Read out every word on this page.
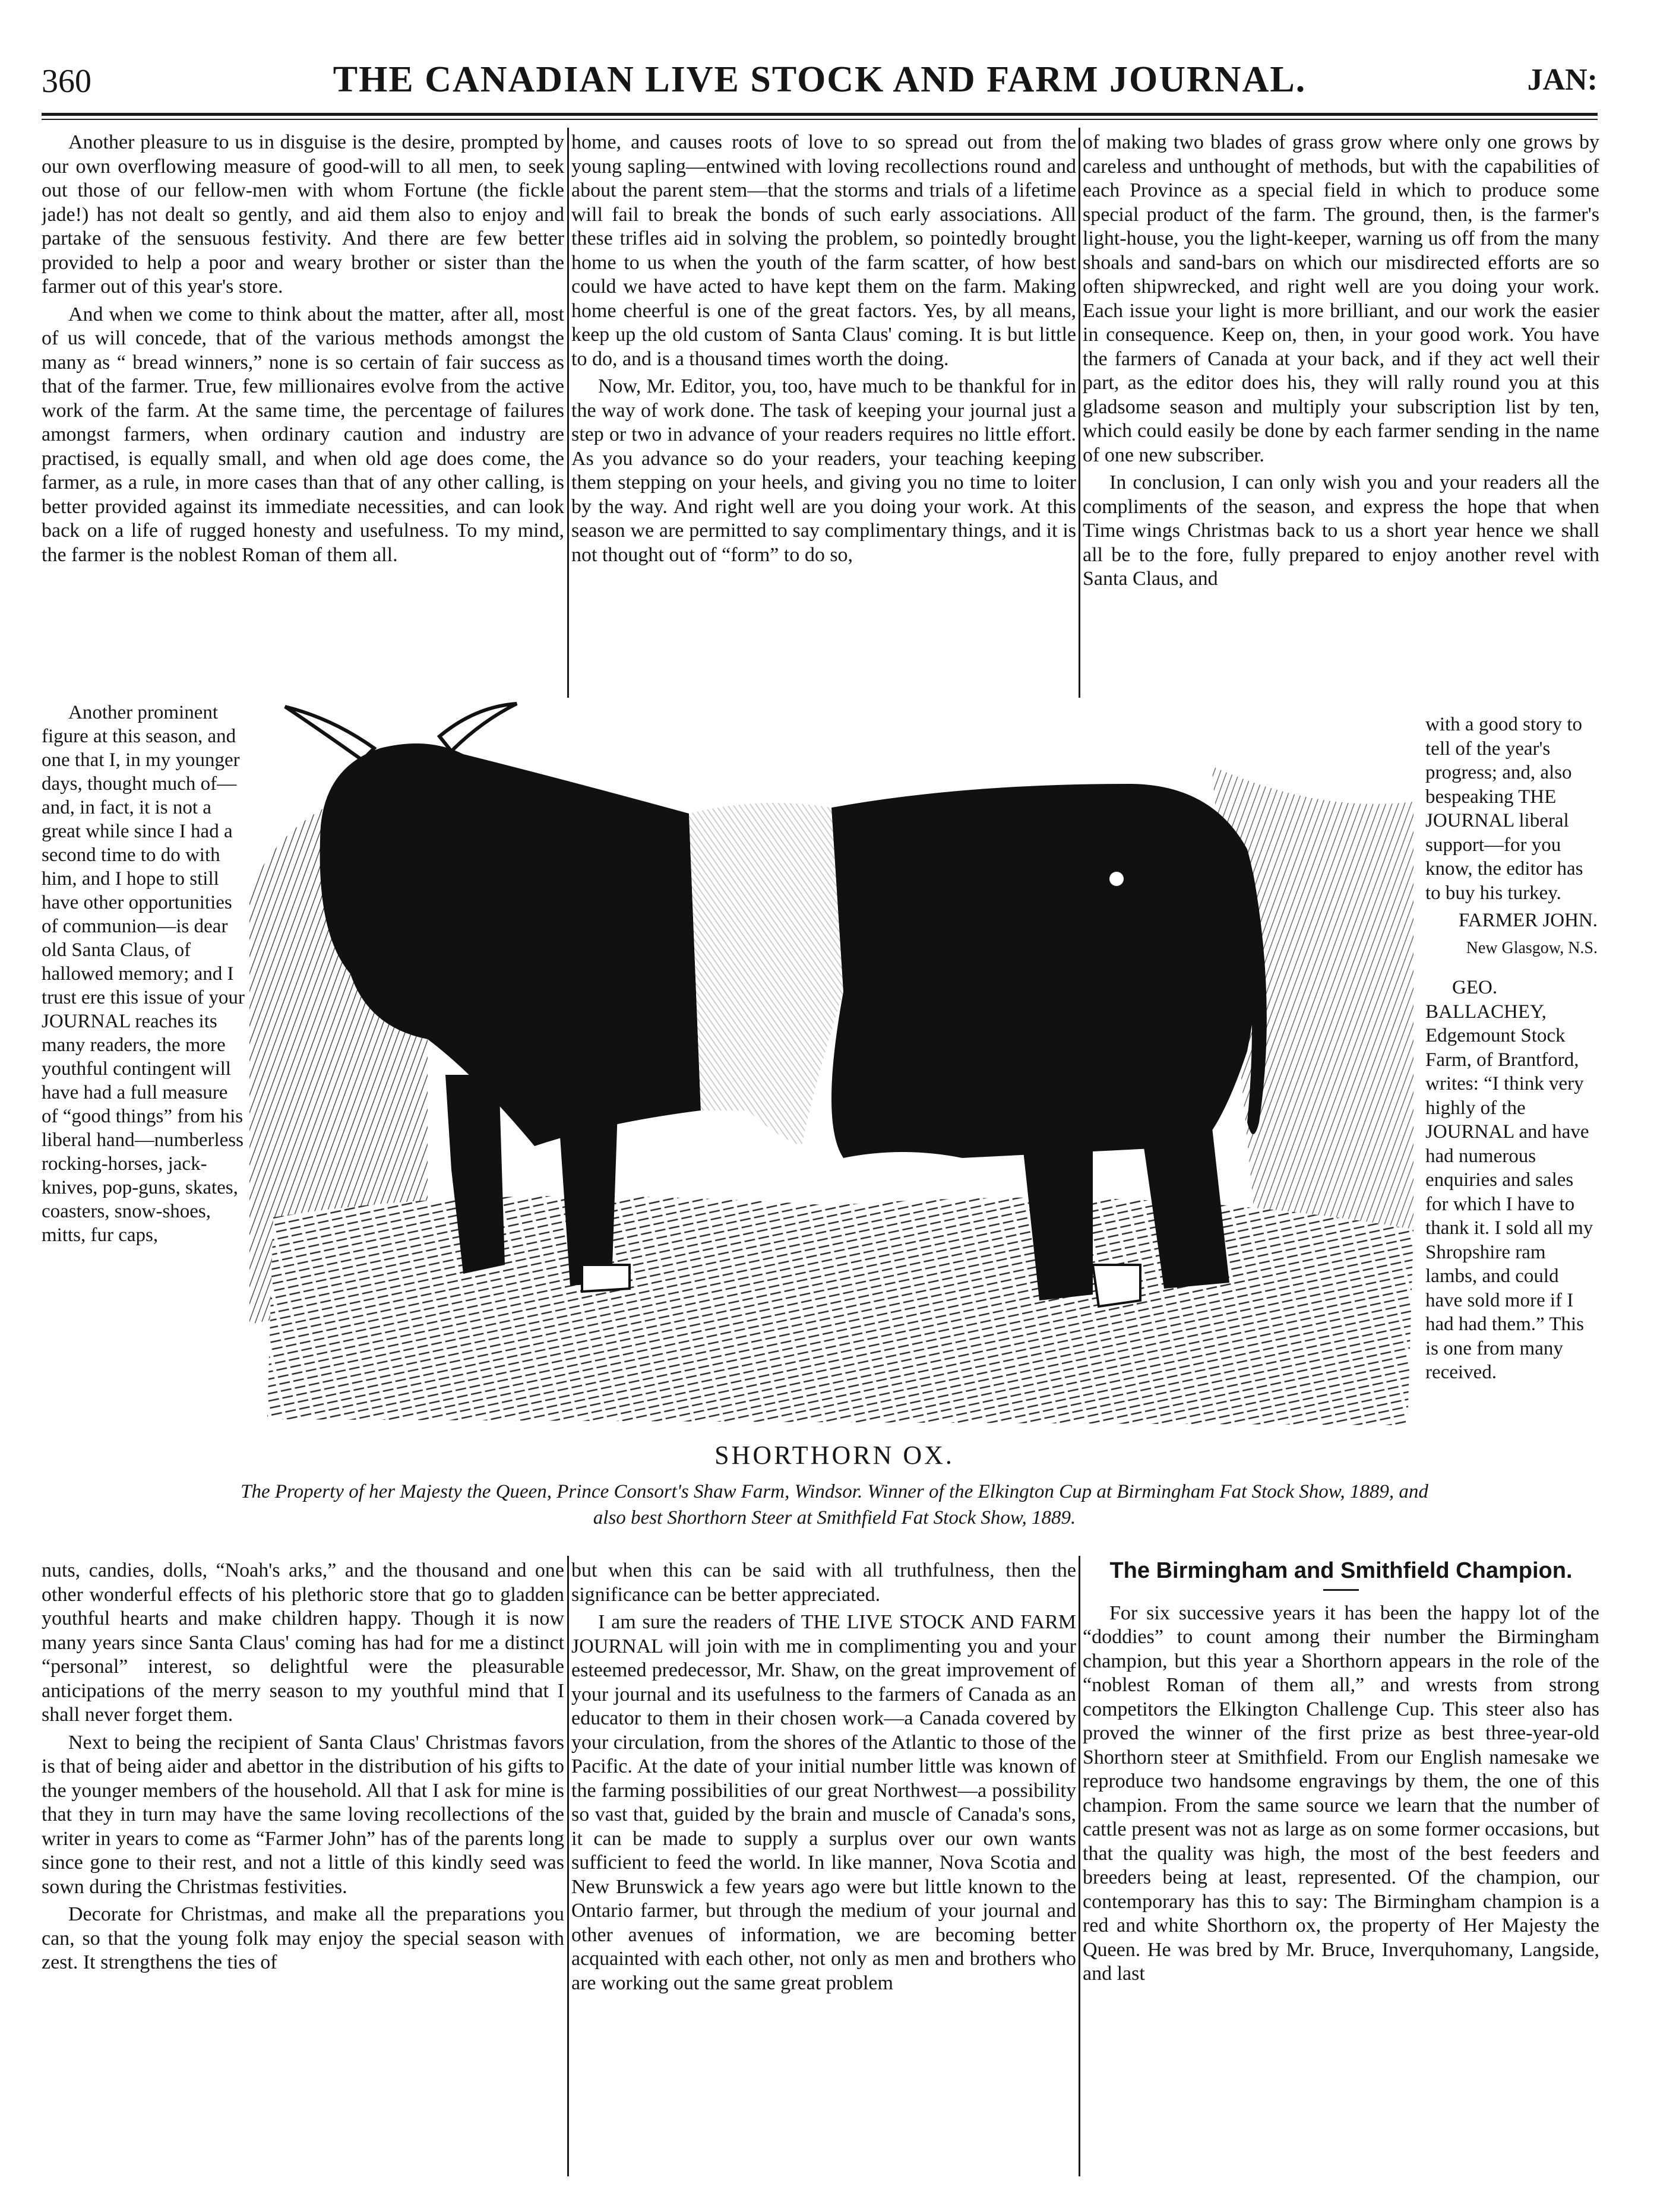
360	THE CANADIAN LIVE STOCK AND FARM JOURNAL.	JAN:

Another pleasure to us in disguise is the desire, prompted by our own overflowing measure of good-will to all men, to seek out those of our fellow-men with whom Fortune (the fickle jade!) has not dealt so gently, and aid them also to enjoy and partake of the sensuous festivity. And there are few better provided to help a poor and weary brother or sister than the farmer out of this year's store.

And when we come to think about the matter, after all, most of us will concede, that of the various methods amongst the many as “ bread winners,” none is so certain of fair success as that of the farmer. True, few millionaires evolve from the active work of the farm. At the same time, the percentage of failures amongst farmers, when ordinary caution and industry are practised, is equally small, and when old age does come, the farmer, as a rule, in more cases than that of any other calling, is better provided against its immediate necessities, and can look back on a life of rugged honesty and usefulness. To my mind, the farmer is the noblest Roman of them all.

home, and causes roots of love to so spread out from the young sapling—entwined with loving recollections round and about the parent stem—that the storms and trials of a lifetime will fail to break the bonds of such early associations. All these trifles aid in solving the problem, so pointedly brought home to us when the youth of the farm scatter, of how best could we have acted to have kept them on the farm. Making home cheerful is one of the great factors. Yes, by all means, keep up the old custom of Santa Claus' coming. It is but little to do, and is a thousand times worth the doing.

Now, Mr. Editor, you, too, have much to be thankful for in the way of work done. The task of keeping your journal just a step or two in advance of your readers requires no little effort. As you advance so do your readers, your teaching keeping them stepping on your heels, and giving you no time to loiter by the way. And right well are you doing your work. At this season we are permitted to say complimentary things, and it is not thought out of “form” to do so,

of making two blades of grass grow where only one grows by careless and unthought of methods, but with the capabilities of each Province as a special field in which to produce some special product of the farm. The ground, then, is the farmer's light-house, you the light-keeper, warning us off from the many shoals and sand-bars on which our misdirected efforts are so often shipwrecked, and right well are you doing your work. Each issue your light is more brilliant, and our work the easier in consequence. Keep on, then, in your good work. You have the farmers of Canada at your back, and if they act well their part, as the editor does his, they will rally round you at this gladsome season and multiply your subscription list by ten, which could easily be done by each farmer sending in the name of one new subscriber.

In conclusion, I can only wish you and your readers all the compliments of the season, and express the hope that when Time wings Christmas back to us a short year hence we shall all be to the fore, fully prepared to enjoy another revel with Santa Claus, and

Another prominent figure at this season, and one that I, in my younger days, thought much of—and, in fact, it is not a great while since I had a second time to do with him, and I hope to still have other opportunities of communion—is dear old Santa Claus, of hallowed memory; and I trust ere this issue of your JOURNAL reaches its many readers, the more youthful contingent will have had a full measure of “good things” from his liberal hand—numberless rocking-horses, jack-knives, pop-guns, skates, coasters, snow-shoes, mitts, fur caps,

with a good story to tell of the year's progress; and, also bespeaking THE JOURNAL liberal support—for you know, the editor has to buy his turkey.

FARMER JOHN.

New Glasgow, N.S.

GEO. BALLACHEY, Edgemount Stock Farm, of Brantford, writes: “I think very highly of the JOURNAL and have had numerous enquiries and sales for which I have to thank it. I sold all my Shropshire ram lambs, and could have sold more if I had had them.” This is one from many received.

SHORTHORN OX.
The Property of her Majesty the Queen, Prince Consort's Shaw Farm, Windsor. Winner of the Elkington Cup at Birmingham Fat Stock Show, 1889, and also best Shorthorn Steer at Smithfield Fat Stock Show, 1889.

nuts, candies, dolls, “Noah's arks,” and the thousand and one other wonderful effects of his plethoric store that go to gladden youthful hearts and make children happy. Though it is now many years since Santa Claus' coming has had for me a distinct “personal” interest, so delightful were the pleasurable anticipations of the merry season to my youthful mind that I shall never forget them.

Next to being the recipient of Santa Claus' Christmas favors is that of being aider and abettor in the distribution of his gifts to the younger members of the household. All that I ask for mine is that they in turn may have the same loving recollections of the writer in years to come as “Farmer John” has of the parents long since gone to their rest, and not a little of this kindly seed was sown during the Christmas festivities.

Decorate for Christmas, and make all the preparations you can, so that the young folk may enjoy the special season with zest. It strengthens the ties of

but when this can be said with all truthfulness, then the significance can be better appreciated.

I am sure the readers of THE LIVE STOCK AND FARM JOURNAL will join with me in complimenting you and your esteemed predecessor, Mr. Shaw, on the great improvement of your journal and its usefulness to the farmers of Canada as an educator to them in their chosen work—a Canada covered by your circulation, from the shores of the Atlantic to those of the Pacific. At the date of your initial number little was known of the farming possibilities of our great Northwest—a possibility so vast that, guided by the brain and muscle of Canada's sons, it can be made to supply a surplus over our own wants sufficient to feed the world. In like manner, Nova Scotia and New Brunswick a few years ago were but little known to the Ontario farmer, but through the medium of your journal and other avenues of information, we are becoming better acquainted with each other, not only as men and brothers who are working out the same great problem

The Birmingham and Smithfield Champion.

For six successive years it has been the happy lot of the “doddies” to count among their number the Birmingham champion, but this year a Shorthorn appears in the role of the “noblest Roman of them all,” and wrests from strong competitors the Elkington Challenge Cup. This steer also has proved the winner of the first prize as best three-year-old Shorthorn steer at Smithfield. From our English namesake we reproduce two handsome engravings by them, the one of this champion. From the same source we learn that the number of cattle present was not as large as on some former occasions, but that the quality was high, the most of the best feeders and breeders being at least, represented. Of the champion, our contemporary has this to say: The Birmingham champion is a red and white Shorthorn ox, the property of Her Majesty the Queen. He was bred by Mr. Bruce, Inverquhomany, Langside, and last
